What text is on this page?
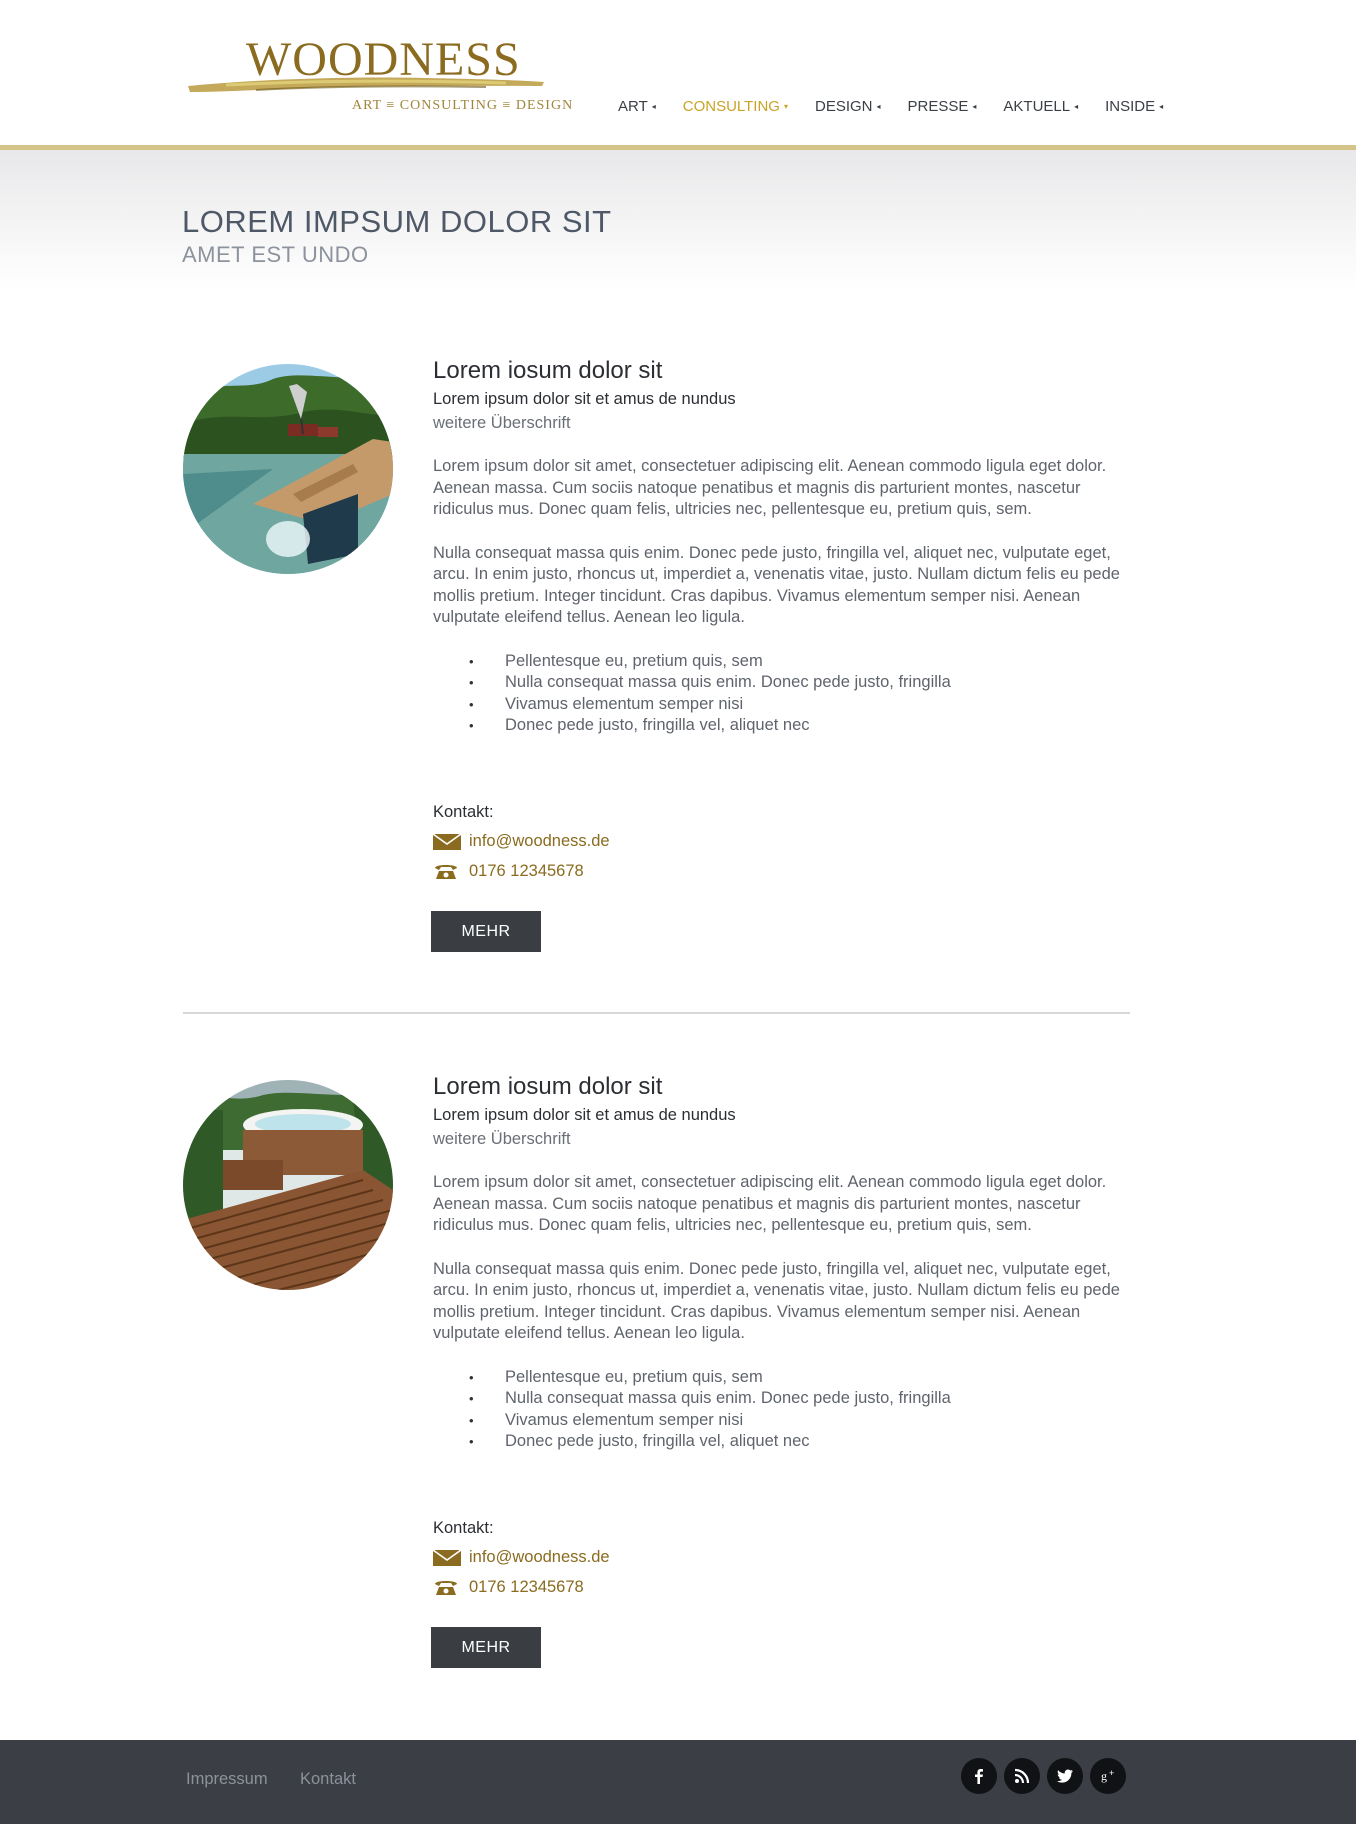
WOODNESS
ART ≡ CONSULTING ≡ DESIGN	ART ◂ CONSULTING ▾ DESIGN ◂ PRESSE ◂ AKTUELL ◂ INSIDE ◂
LOREM IMPSUM DOLOR SIT
AMET EST UNDO
Lorem iosum dolor sit
Lorem ipsum dolor sit et amus de nundus
weitere Überschrift

Lorem ipsum dolor sit amet, consectetuer adipiscing elit. Aenean commodo ligula eget dolor. Aenean massa. Cum sociis natoque penatibus et magnis dis parturient montes, nascetur ridiculus mus. Donec quam felis, ultricies nec, pellentesque eu, pretium quis, sem.

Nulla consequat massa quis enim. Donec pede justo, fringilla vel, aliquet nec, vulputate eget, arcu. In enim justo, rhoncus ut, imperdiet a, venenatis vitae, justo. Nullam dictum felis eu pede mollis pretium. Integer tincidunt. Cras dapibus. Vivamus elementum semper nisi. Aenean vulputate eleifend tellus. Aenean leo ligula.

• Pellentesque eu, pretium quis, sem
• Nulla consequat massa quis enim. Donec pede justo, fringilla
• Vivamus elementum semper nisi
• Donec pede justo, fringilla vel, aliquet nec
Kontakt:
info@woodness.de
0176 12345678
MEHR
Lorem iosum dolor sit
Lorem ipsum dolor sit et amus de nundus
weitere Überschrift

Lorem ipsum dolor sit amet, consectetuer adipiscing elit. Aenean commodo ligula eget dolor. Aenean massa. Cum sociis natoque penatibus et magnis dis parturient montes, nascetur ridiculus mus. Donec quam felis, ultricies nec, pellentesque eu, pretium quis, sem.

Nulla consequat massa quis enim. Donec pede justo, fringilla vel, aliquet nec, vulputate eget, arcu. In enim justo, rhoncus ut, imperdiet a, venenatis vitae, justo. Nullam dictum felis eu pede mollis pretium. Integer tincidunt. Cras dapibus. Vivamus elementum semper nisi. Aenean vulputate eleifend tellus. Aenean leo ligula.

• Pellentesque eu, pretium quis, sem
• Nulla consequat massa quis enim. Donec pede justo, fringilla
• Vivamus elementum semper nisi
• Donec pede justo, fringilla vel, aliquet nec
Kontakt:
info@woodness.de
0176 12345678
MEHR
Impressum Kontakt	g +
